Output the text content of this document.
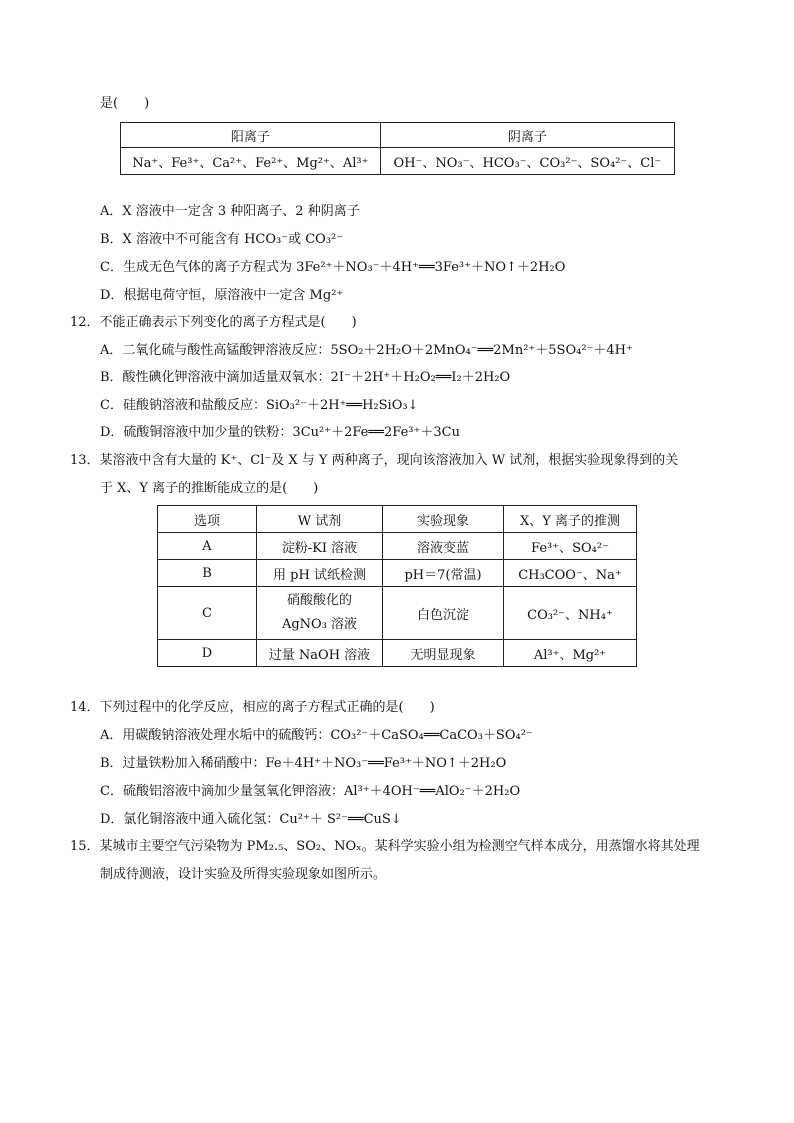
是(　　)
阳离子	阴离子
Na⁺、Fe³⁺、Ca²⁺、Fe²⁺、Mg²⁺、Al³⁺	OH⁻、NO₃⁻、HCO₃⁻、CO₃²⁻、SO₄²⁻、Cl⁻
A．X 溶液中一定含 3 种阳离子、2 种阴离子
B．X 溶液中不可能含有 HCO₃⁻或 CO₃²⁻
C．生成无色气体的离子方程式为 3Fe²⁺＋NO₃⁻＋4H⁺══3Fe³⁺＋NO↑＋2H₂O
D．根据电荷守恒，原溶液中一定含 Mg²⁺
12．不能正确表示下列变化的离子方程式是(　　)
A．二氧化硫与酸性高锰酸钾溶液反应：5SO₂＋2H₂O＋2MnO₄⁻══2Mn²⁺＋5SO₄²⁻＋4H⁺
B．酸性碘化钾溶液中滴加适量双氧水：2I⁻＋2H⁺＋H₂O₂══I₂＋2H₂O
C．硅酸钠溶液和盐酸反应：SiO₃²⁻＋2H⁺══H₂SiO₃↓
D．硫酸铜溶液中加少量的铁粉：3Cu²⁺＋2Fe══2Fe³⁺＋3Cu
13．某溶液中含有大量的 K⁺、Cl⁻及 X 与 Y 两种离子，现向该溶液加入 W 试剂，根据实验现象得到的关
于 X、Y 离子的推断能成立的是(　　)
选项	W 试剂	实验现象	X、Y 离子的推测
A	淀粉-KI 溶液	溶液变蓝	Fe³⁺、SO₄²⁻
B	用 pH 试纸检测	pH＝7(常温)	CH₃COO⁻、Na⁺
C	硝酸酸化的
AgNO₃ 溶液	白色沉淀	CO₃²⁻、NH₄⁺
D	过量 NaOH 溶液	无明显现象	Al³⁺、Mg²⁺
14．下列过程中的化学反应，相应的离子方程式正确的是(　　)
A．用碳酸钠溶液处理水垢中的硫酸钙：CO₃²⁻＋CaSO₄══CaCO₃＋SO₄²⁻
B．过量铁粉加入稀硝酸中：Fe＋4H⁺＋NO₃⁻══Fe³⁺＋NO↑＋2H₂O
C．硫酸铝溶液中滴加少量氢氧化钾溶液：Al³⁺＋4OH⁻══AlO₂⁻＋2H₂O
D．氯化铜溶液中通入硫化氢：Cu²⁺＋ S²⁻══CuS↓
15．某城市主要空气污染物为 PM₂.₅、SO₂、NOₓ。某科学实验小组为检测空气样本成分，用蒸馏水将其处理
制成待测液，设计实验及所得实验现象如图所示。
